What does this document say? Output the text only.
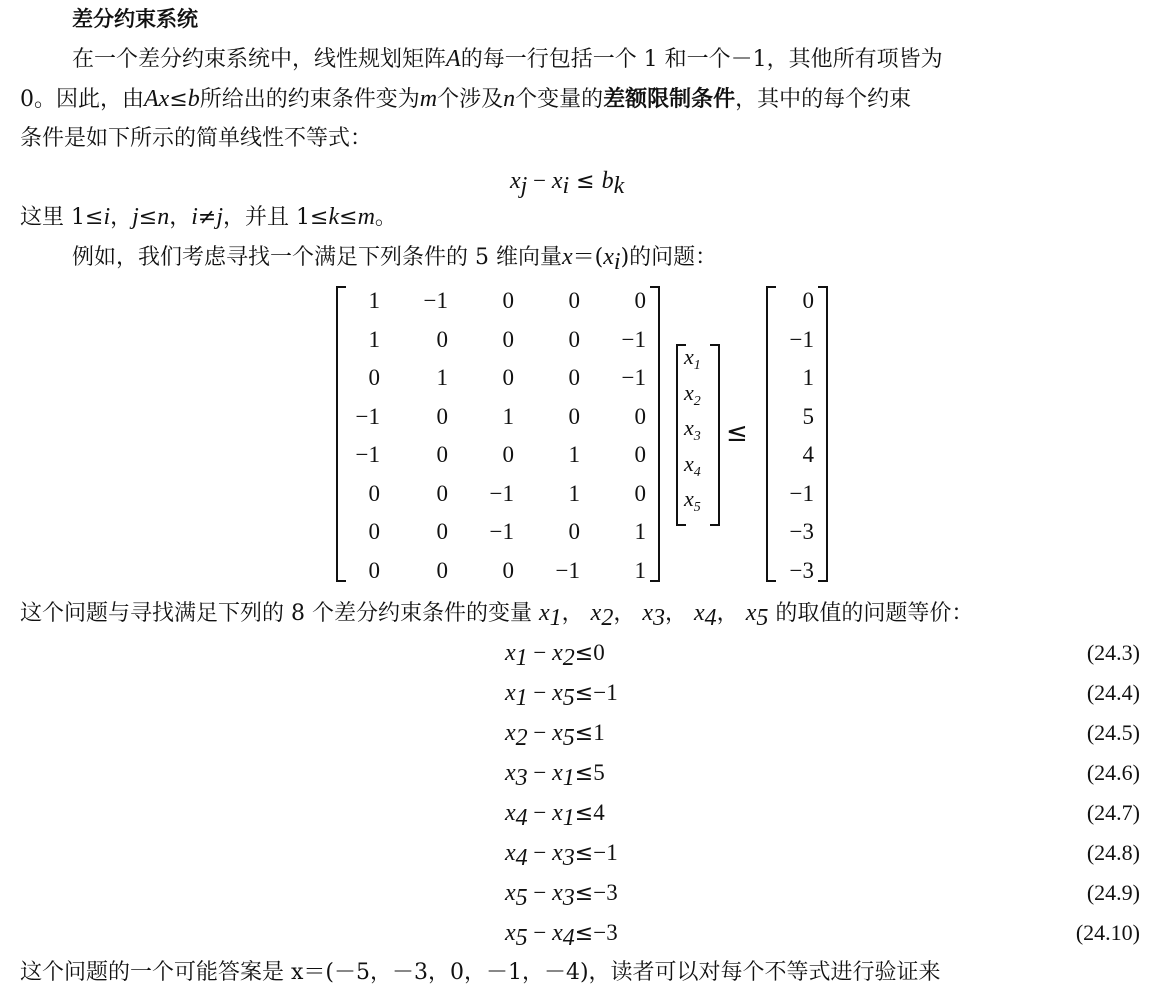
差分约束系统
在一个差分约束系统中，线性规划矩阵A的每一行包括一个 1 和一个－1，其他所有项皆为
0。因此，由Ax≤b所给出的约束条件变为m个涉及n个变量的差额限制条件，其中的每个约束
条件是如下所示的简单线性不等式：
$x_j - x_i \le b_k$
这里 1≤i，j≤n，i≠j，并且 1≤k≤m。
例如，我们考虑寻找一个满足下列条件的 5 维向量$x=(x_i)$的问题：
1	−1	0	0	0
1	0	0	0	−1
0	1	0	0	−1
−1	0	1	0	0
−1	0	0	1	0
0	0	−1	1	0
0	0	−1	0	1
0	0	0	−1	1
$x_1$
$x_2$
$x_3$
$x_4$
$x_5$
≤
0
−1
1
5
4
−1
−3
−3
这个问题与寻找满足下列的 8 个差分约束条件的变量 $x_1$， $x_2$， $x_3$， $x_4$， $x_5$ 的取值的问题等价：
$x_1 - x_2\le 0$	(24.3)
$x_1 - x_5\le-1$	(24.4)
$x_2 - x_5\le 1$	(24.5)
$x_3 - x_1\le 5$	(24.6)
$x_4 - x_1\le 4$	(24.7)
$x_4 - x_3\le-1$	(24.8)
$x_5 - x_3\le-3$	(24.9)
$x_5 - x_4\le-3$	(24.10)
这个问题的一个可能答案是 x＝(－5，－3，0，－1，－4)，读者可以对每个不等式进行验证来
